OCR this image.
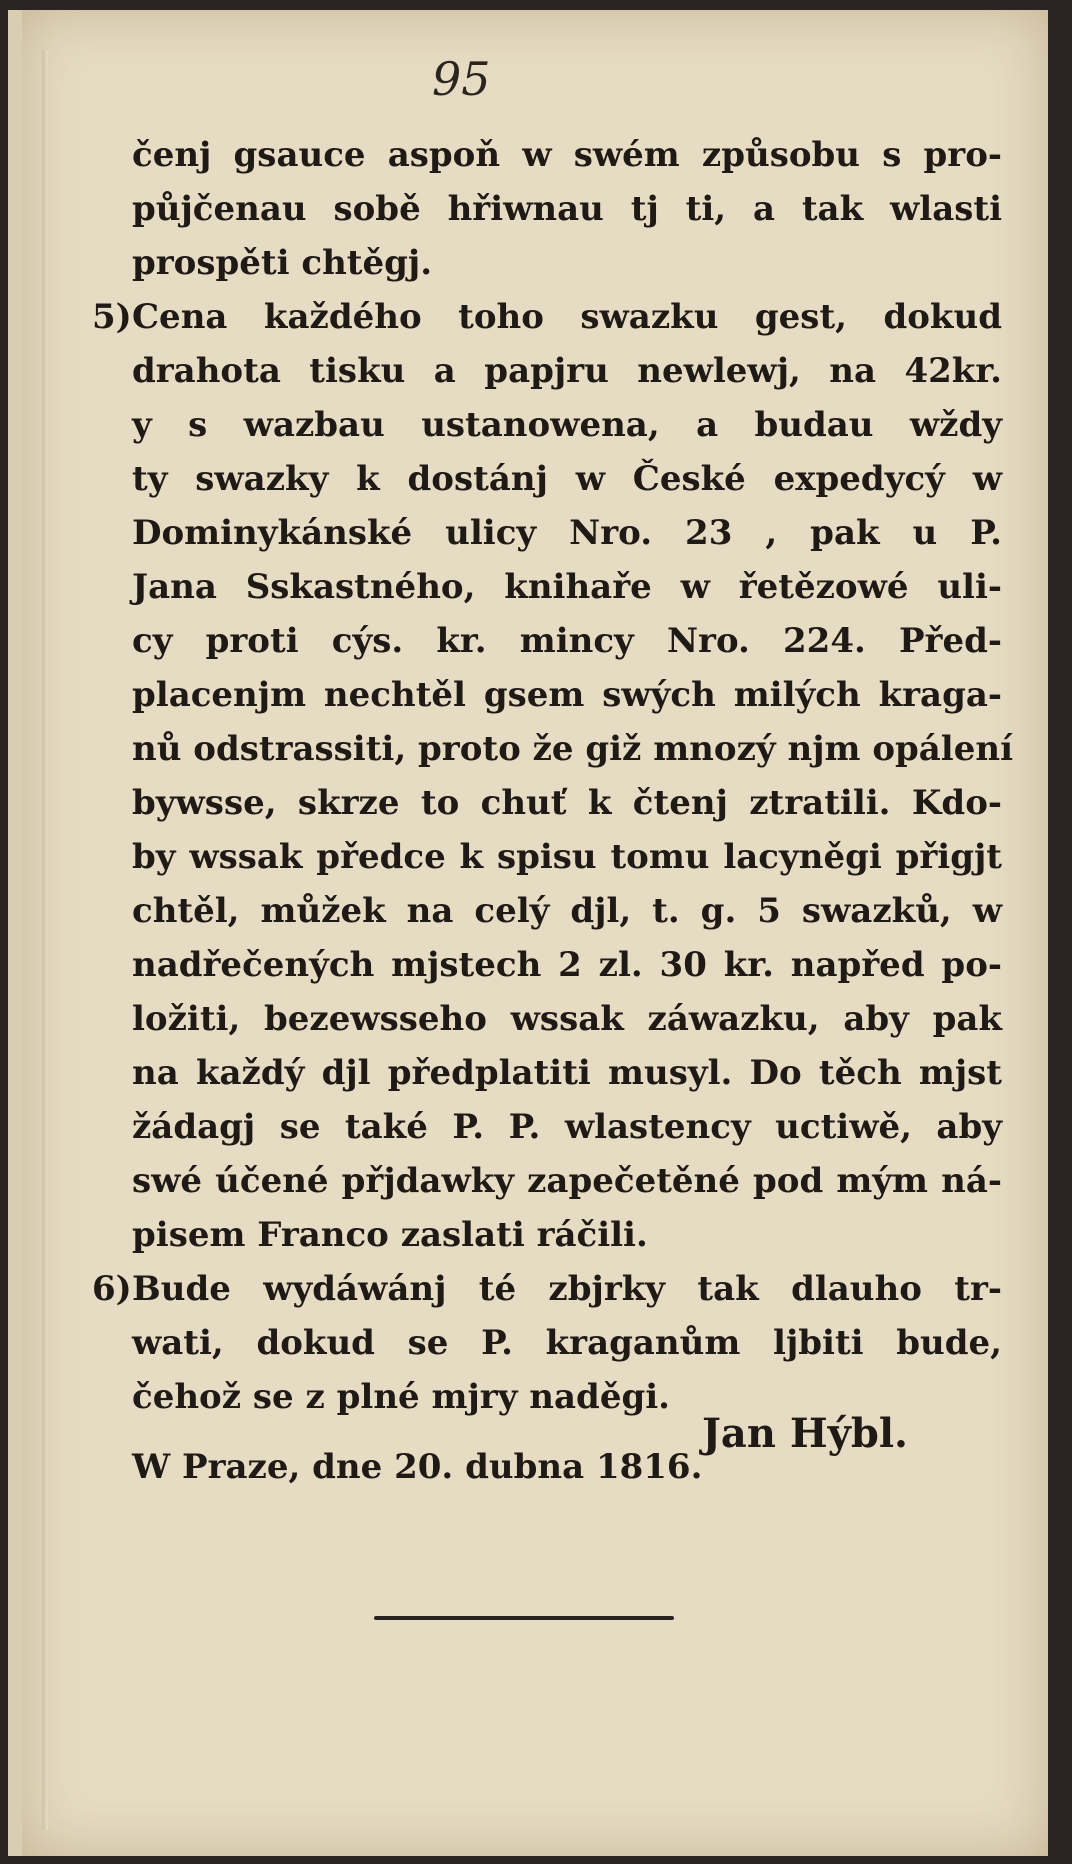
95
čenj gsauce aspoň w swém způsobu s pro-
půjčenau sobě hřiwnau tj ti, a tak wlasti
prospěti chtěgj.
5) Cena každého toho swazku gest, dokud
drahota tisku a papjru newlewj, na 42kr.
y s wazbau ustanowena, a budau wždy
ty swazky k dostánj w České expedycý w
Dominykánské ulicy Nro. 23 , pak u P.
Jana Sskastného, knihaře w řetězowé uli-
cy proti cýs. kr. mincy Nro. 224. Před-
placenjm nechtěl gsem swých milých kraga-
nů odstrassiti, proto že giž mnozý njm opálení
bywsse, skrze to chuť k čtenj ztratili. Kdo-
by wssak předce k spisu tomu lacyněgi přigjt
chtěl, můžek na celý djl, t. g. 5 swazků, w
nadřečených mjstech 2 zl. 30 kr. napřed po-
ložiti, bezewsseho wssak záwazku, aby pak
na každý djl předplatiti musyl. Do těch mjst
žádagj se také P. P. wlastency uctiwě, aby
swé účené přjdawky zapečetěné pod mým ná-
pisem Franco zaslati ráčili.
6) Bude wydáwánj té zbjrky tak dlauho tr-
wati, dokud se P. kraganům ljbiti bude,
čehož se z plné mjry naděgi.
W Praze, dne 20. dubna 1816.
Jan Hýbl.
